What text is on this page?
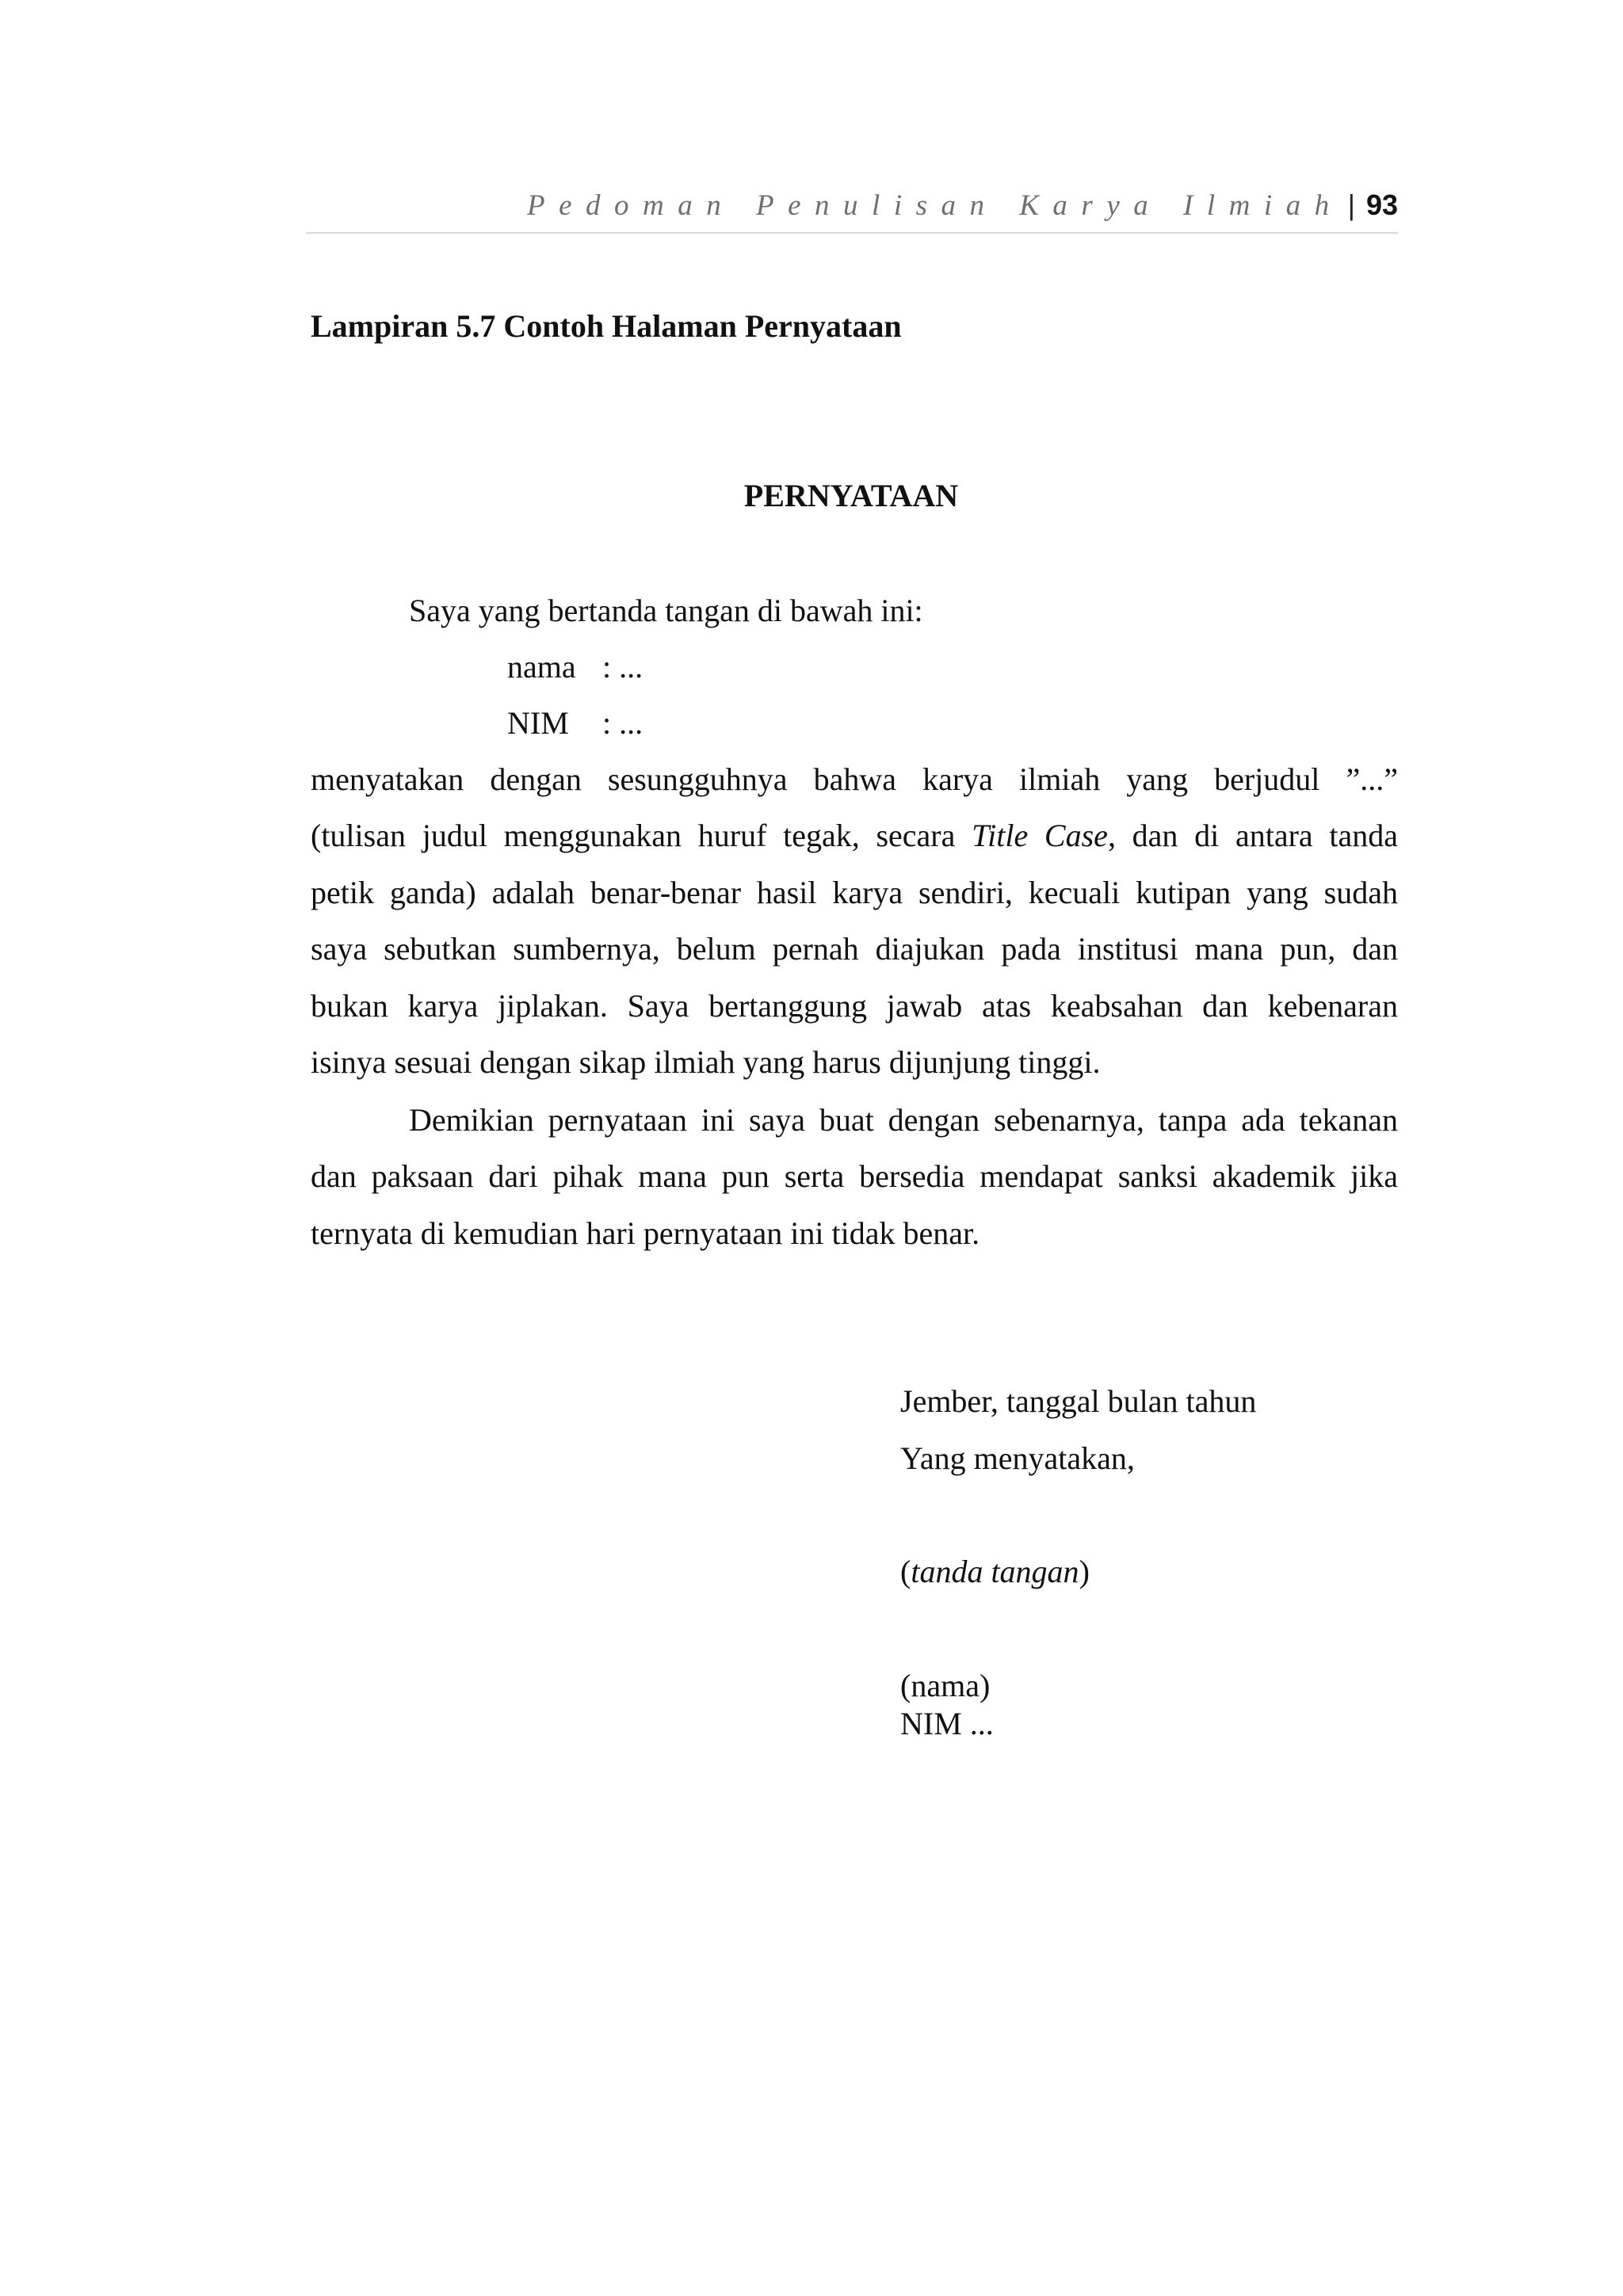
Pedoman Penulisan Karya Ilmiah | 93
Lampiran 5.7 Contoh Halaman Pernyataan
PERNYATAAN
Saya yang bertanda tangan di bawah ini:
nama : ...
NIM : ...
menyatakan dengan sesungguhnya bahwa karya ilmiah yang berjudul ”...”
(tulisan judul menggunakan huruf tegak, secara Title Case, dan di antara tanda
petik ganda) adalah benar-benar hasil karya sendiri, kecuali kutipan yang sudah
saya sebutkan sumbernya, belum pernah diajukan pada institusi mana pun, dan
bukan karya jiplakan. Saya bertanggung jawab atas keabsahan dan kebenaran
isinya sesuai dengan sikap ilmiah yang harus dijunjung tinggi.
Demikian pernyataan ini saya buat dengan sebenarnya, tanpa ada tekanan
dan paksaan dari pihak mana pun serta bersedia mendapat sanksi akademik jika
ternyata di kemudian hari pernyataan ini tidak benar.
Jember, tanggal bulan tahun
Yang menyatakan,
(tanda tangan)
(nama)
NIM ...
